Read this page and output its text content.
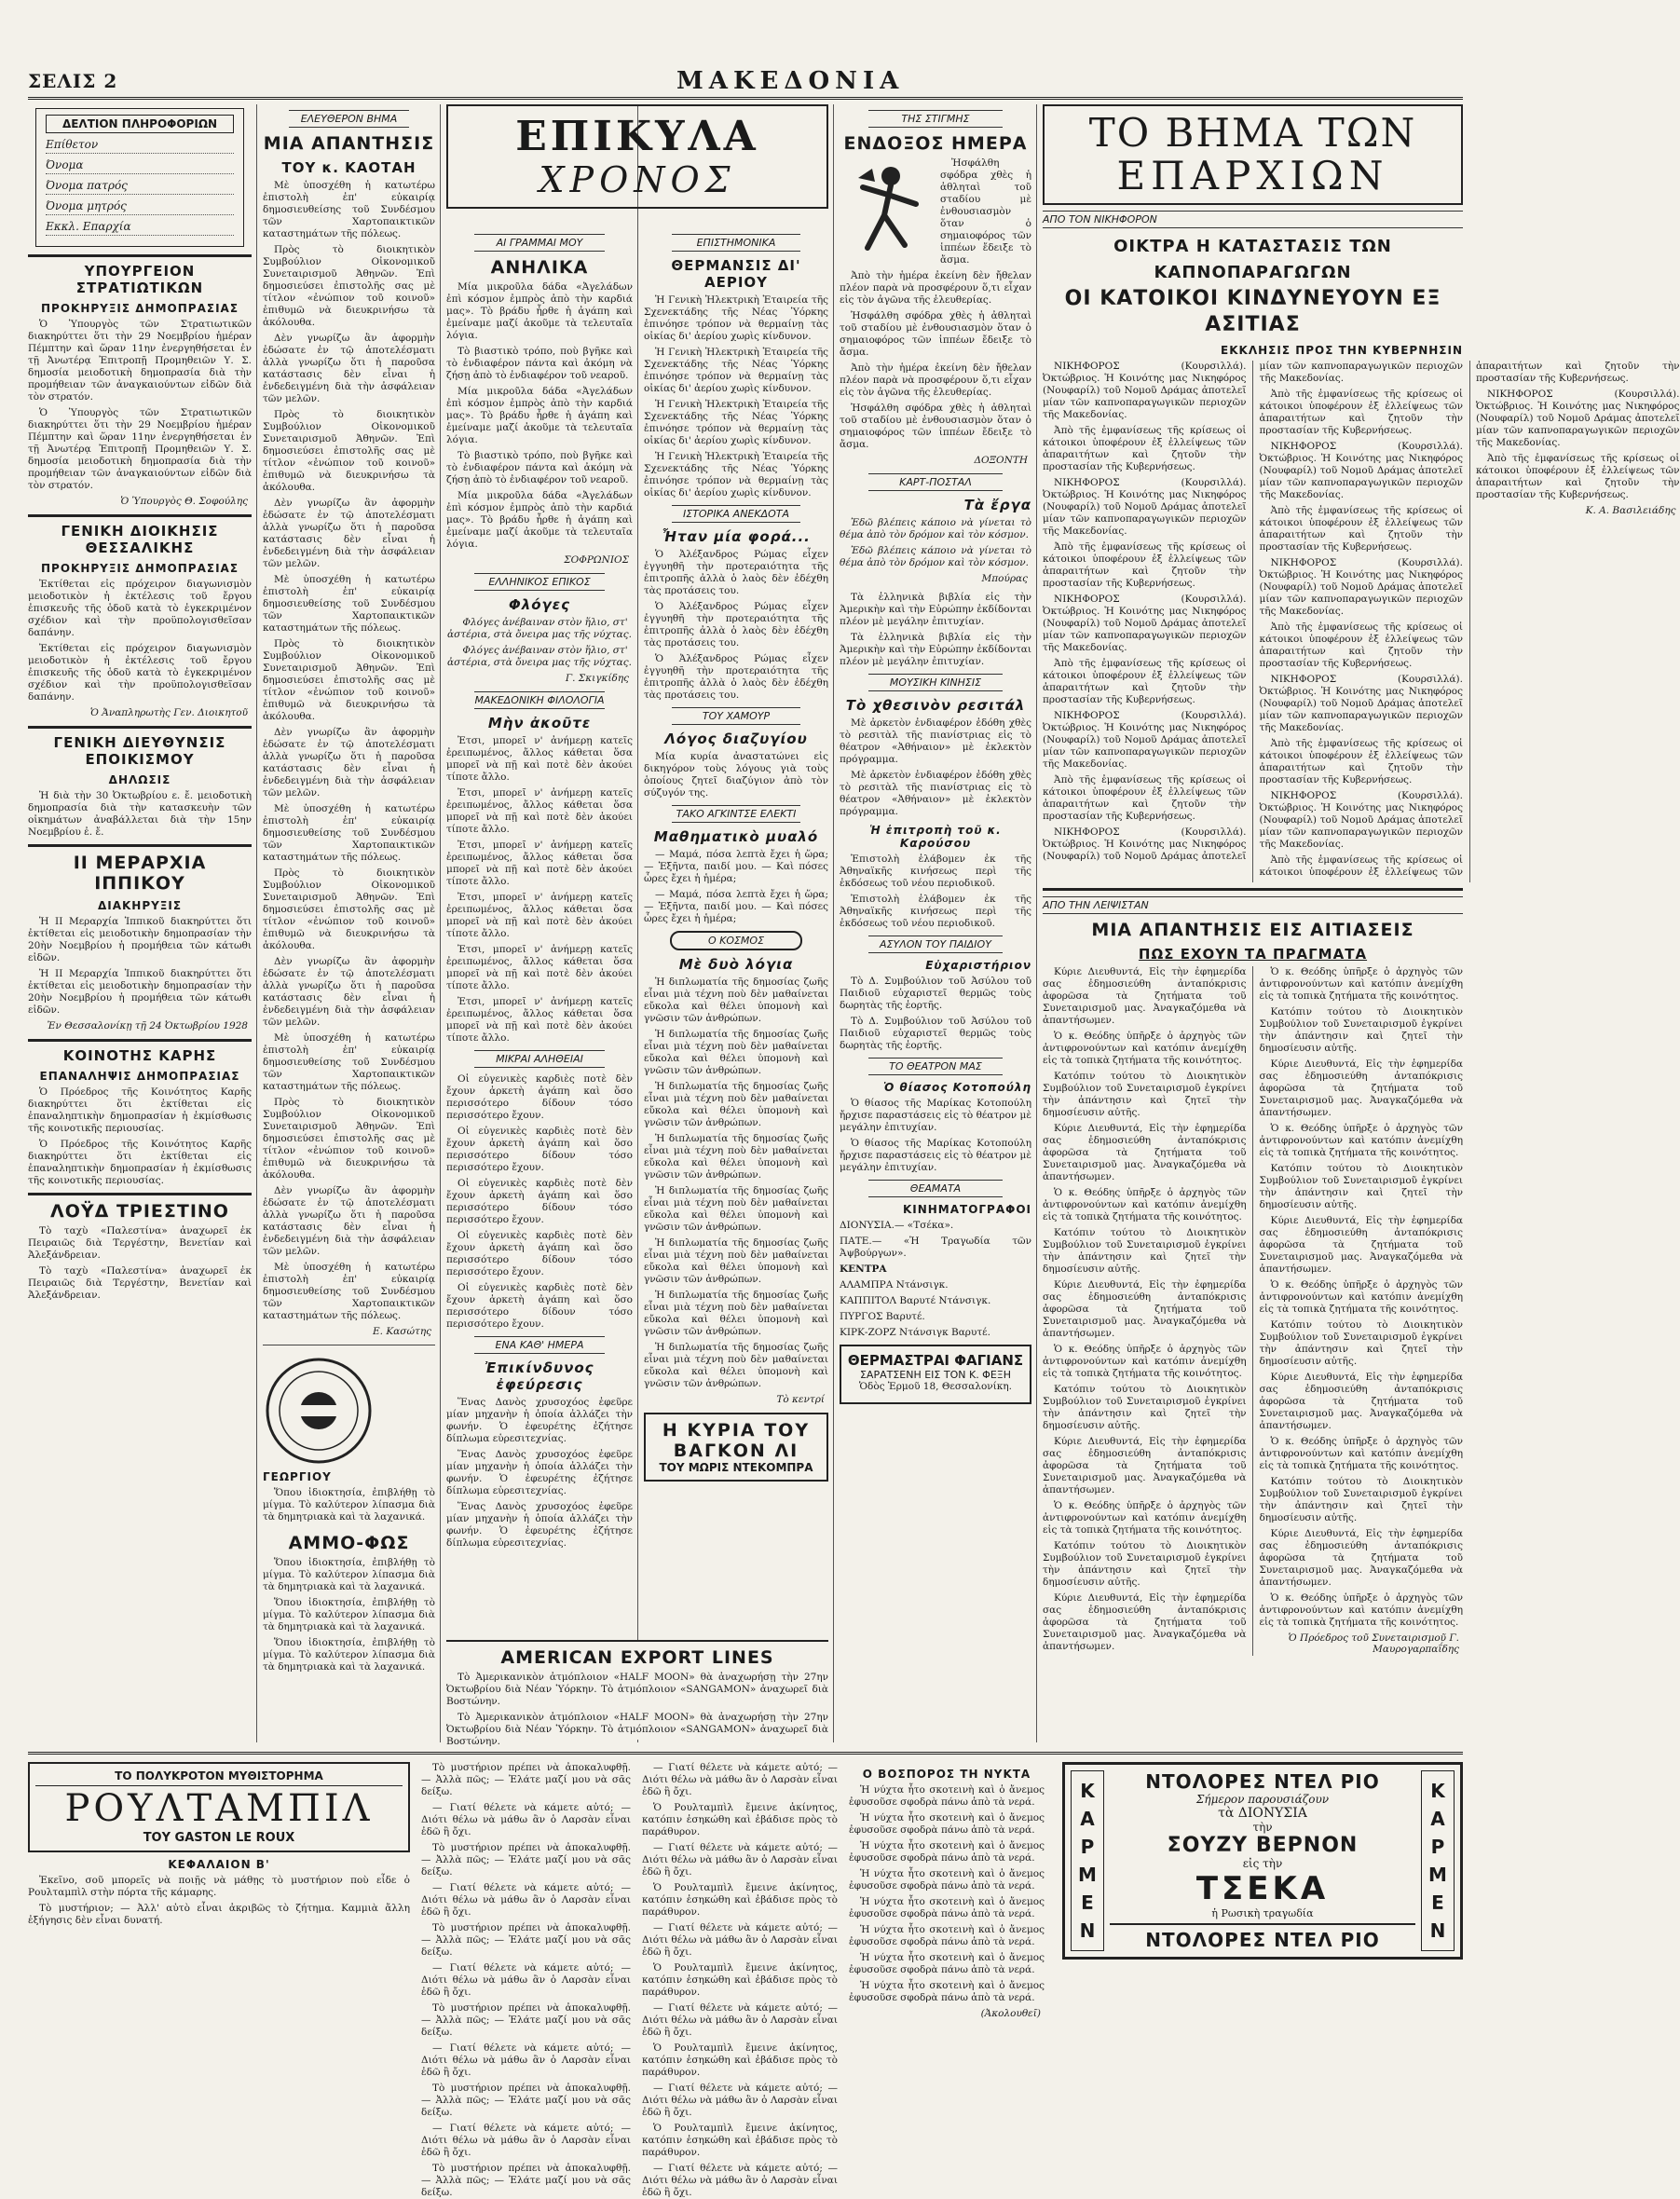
ΣΕΛΙΣ 2	ΜΑΚΕΔΟΝΙΑ
ΔΕΛΤΙΟΝ ΠΛΗΡΟΦΟΡΙΩΝ
Επίθετον
Όνομα
Όνομα πατρός
Όνομα μητρός
Εκκλ. Επαρχία
ΥΠΟΥΡΓΕΙΟΝ ΣΤΡΑΤΙΩΤΙΚΩΝ
ΠΡΟΚΗΡΥΞΙΣ ΔΗΜΟΠΡΑΣΙΑΣ

Ὁ Ὑπουργὸς τῶν Στρατιωτικῶν διακηρύττει ὅτι τὴν 29 Νοεμβρίου ἡμέραν Πέμπτην καὶ ὥραν 11ην ἐνεργηθήσεται ἐν τῇ Ἀνωτέρᾳ Ἐπιτροπῇ Προμηθειῶν Υ. Σ. δημοσία μειοδοτικὴ δημοπρασία διὰ τὴν προμήθειαν τῶν ἀναγκαιούντων εἰδῶν διὰ τὸν στρατόν.

Ὁ Ὑπουργὸς τῶν Στρατιωτικῶν διακηρύττει ὅτι τὴν 29 Νοεμβρίου ἡμέραν Πέμπτην καὶ ὥραν 11ην ἐνεργηθήσεται ἐν τῇ Ἀνωτέρᾳ Ἐπιτροπῇ Προμηθειῶν Υ. Σ. δημοσία μειοδοτικὴ δημοπρασία διὰ τὴν προμήθειαν τῶν ἀναγκαιούντων εἰδῶν διὰ τὸν στρατόν.

Ὁ Ὑπουργὸς Θ. Σοφούλης
ΓΕΝΙΚΗ ΔΙΟΙΚΗΣΙΣ ΘΕΣΣΑΛΙΚΗΣ
ΠΡΟΚΗΡΥΞΙΣ ΔΗΜΟΠΡΑΣΙΑΣ

Ἐκτίθεται εἰς πρόχειρον διαγωνισμὸν μειοδοτικὸν ἡ ἐκτέλεσις τοῦ ἔργου ἐπισκευῆς τῆς ὁδοῦ κατὰ τὸ ἐγκεκριμένον σχέδιον καὶ τὴν προϋπολογισθεῖσαν δαπάνην.

Ἐκτίθεται εἰς πρόχειρον διαγωνισμὸν μειοδοτικὸν ἡ ἐκτέλεσις τοῦ ἔργου ἐπισκευῆς τῆς ὁδοῦ κατὰ τὸ ἐγκεκριμένον σχέδιον καὶ τὴν προϋπολογισθεῖσαν δαπάνην.

Ὁ Ἀναπληρωτὴς Γεν. Διοικητοῦ
ΓΕΝΙΚΗ ΔΙΕΥΘΥΝΣΙΣ ΕΠΟΙΚΙΣΜΟΥ
ΔΗΛΩΣΙΣ

Ἡ διὰ τὴν 30 Ὀκτωβρίου ε. ἔ. μειοδοτικὴ δημοπρασία διὰ τὴν κατασκευὴν τῶν οἰκημάτων ἀναβάλλεται διὰ τὴν 15ην Νοεμβρίου ἐ. ἔ.

ΙΙ ΜΕΡΑΡΧΙΑ ΙΠΠΙΚΟΥ
ΔΙΑΚΗΡΥΞΙΣ

Ἡ ΙΙ Μεραρχία Ἱππικοῦ διακηρύττει ὅτι ἐκτίθεται εἰς μειοδοτικὴν δημοπρασίαν τὴν 20ὴν Νοεμβρίου ἡ προμήθεια τῶν κάτωθι εἰδῶν.

Ἡ ΙΙ Μεραρχία Ἱππικοῦ διακηρύττει ὅτι ἐκτίθεται εἰς μειοδοτικὴν δημοπρασίαν τὴν 20ὴν Νοεμβρίου ἡ προμήθεια τῶν κάτωθι εἰδῶν.

Ἐν Θεσσαλονίκῃ τῇ 24 Ὀκτωβρίου 1928
ΚΟΙΝΟΤΗΣ ΚΑΡΗΣ
ΕΠΑΝΑΛΗΨΙΣ ΔΗΜΟΠΡΑΣΙΑΣ

Ὁ Πρόεδρος τῆς Κοινότητος Καρῆς διακηρύττει ὅτι ἐκτίθεται εἰς ἐπαναληπτικὴν δημοπρασίαν ἡ ἐκμίσθωσις τῆς κοινοτικῆς περιουσίας.

Ὁ Πρόεδρος τῆς Κοινότητος Καρῆς διακηρύττει ὅτι ἐκτίθεται εἰς ἐπαναληπτικὴν δημοπρασίαν ἡ ἐκμίσθωσις τῆς κοινοτικῆς περιουσίας.

ΛΟΫΔ ΤΡΙΕΣΤΙΝΟ

Τὸ ταχὺ «Παλεστίνα» ἀναχωρεῖ ἐκ Πειραιῶς διὰ Τεργέστην, Βενετίαν καὶ Ἀλεξάνδρειαν.

Τὸ ταχὺ «Παλεστίνα» ἀναχωρεῖ ἐκ Πειραιῶς διὰ Τεργέστην, Βενετίαν καὶ Ἀλεξάνδρειαν.

ΕΛΕΥΘΕΡΟΝ ΒΗΜΑ
ΜΙΑ ΑΠΑΝΤΗΣΙΣ
ΤΟΥ κ. ΚΑΟΤΑΗ

Μὲ ὑποσχέθη ἡ κατωτέρω ἐπιστολὴ ἐπ' εὐκαιρίᾳ δημοσιευθείσης τοῦ Συνδέσμου τῶν Χαρτοπαικτικῶν καταστημάτων τῆς πόλεως.

Πρὸς τὸ διοικητικὸν Συμβούλιον Οἰκονομικοῦ Συνεταιρισμοῦ Ἀθηνῶν. Ἐπὶ δημοσιεύσει ἐπιστολῆς σας μὲ τίτλον «ἐνώπιον τοῦ κοινοῦ» ἐπιθυμῶ νὰ διευκρινήσω τὰ ἀκόλουθα.

Δὲν γνωρίζω ἂν ἀφορμὴν ἐδώσατε ἐν τῷ ἀποτελέσματι ἀλλὰ γνωρίζω ὅτι ἡ παροῦσα κατάστασις δὲν εἶναι ἡ ἐνδεδειγμένη διὰ τὴν ἀσφάλειαν τῶν μελῶν.

Πρὸς τὸ διοικητικὸν Συμβούλιον Οἰκονομικοῦ Συνεταιρισμοῦ Ἀθηνῶν. Ἐπὶ δημοσιεύσει ἐπιστολῆς σας μὲ τίτλον «ἐνώπιον τοῦ κοινοῦ» ἐπιθυμῶ νὰ διευκρινήσω τὰ ἀκόλουθα.

Δὲν γνωρίζω ἂν ἀφορμὴν ἐδώσατε ἐν τῷ ἀποτελέσματι ἀλλὰ γνωρίζω ὅτι ἡ παροῦσα κατάστασις δὲν εἶναι ἡ ἐνδεδειγμένη διὰ τὴν ἀσφάλειαν τῶν μελῶν.

Μὲ ὑποσχέθη ἡ κατωτέρω ἐπιστολὴ ἐπ' εὐκαιρίᾳ δημοσιευθείσης τοῦ Συνδέσμου τῶν Χαρτοπαικτικῶν καταστημάτων τῆς πόλεως.

Πρὸς τὸ διοικητικὸν Συμβούλιον Οἰκονομικοῦ Συνεταιρισμοῦ Ἀθηνῶν. Ἐπὶ δημοσιεύσει ἐπιστολῆς σας μὲ τίτλον «ἐνώπιον τοῦ κοινοῦ» ἐπιθυμῶ νὰ διευκρινήσω τὰ ἀκόλουθα.

Δὲν γνωρίζω ἂν ἀφορμὴν ἐδώσατε ἐν τῷ ἀποτελέσματι ἀλλὰ γνωρίζω ὅτι ἡ παροῦσα κατάστασις δὲν εἶναι ἡ ἐνδεδειγμένη διὰ τὴν ἀσφάλειαν τῶν μελῶν.

Μὲ ὑποσχέθη ἡ κατωτέρω ἐπιστολὴ ἐπ' εὐκαιρίᾳ δημοσιευθείσης τοῦ Συνδέσμου τῶν Χαρτοπαικτικῶν καταστημάτων τῆς πόλεως.

Πρὸς τὸ διοικητικὸν Συμβούλιον Οἰκονομικοῦ Συνεταιρισμοῦ Ἀθηνῶν. Ἐπὶ δημοσιεύσει ἐπιστολῆς σας μὲ τίτλον «ἐνώπιον τοῦ κοινοῦ» ἐπιθυμῶ νὰ διευκρινήσω τὰ ἀκόλουθα.

Δὲν γνωρίζω ἂν ἀφορμὴν ἐδώσατε ἐν τῷ ἀποτελέσματι ἀλλὰ γνωρίζω ὅτι ἡ παροῦσα κατάστασις δὲν εἶναι ἡ ἐνδεδειγμένη διὰ τὴν ἀσφάλειαν τῶν μελῶν.

Μὲ ὑποσχέθη ἡ κατωτέρω ἐπιστολὴ ἐπ' εὐκαιρίᾳ δημοσιευθείσης τοῦ Συνδέσμου τῶν Χαρτοπαικτικῶν καταστημάτων τῆς πόλεως.

Πρὸς τὸ διοικητικὸν Συμβούλιον Οἰκονομικοῦ Συνεταιρισμοῦ Ἀθηνῶν. Ἐπὶ δημοσιεύσει ἐπιστολῆς σας μὲ τίτλον «ἐνώπιον τοῦ κοινοῦ» ἐπιθυμῶ νὰ διευκρινήσω τὰ ἀκόλουθα.

Δὲν γνωρίζω ἂν ἀφορμὴν ἐδώσατε ἐν τῷ ἀποτελέσματι ἀλλὰ γνωρίζω ὅτι ἡ παροῦσα κατάστασις δὲν εἶναι ἡ ἐνδεδειγμένη διὰ τὴν ἀσφάλειαν τῶν μελῶν.

Μὲ ὑποσχέθη ἡ κατωτέρω ἐπιστολὴ ἐπ' εὐκαιρίᾳ δημοσιευθείσης τοῦ Συνδέσμου τῶν Χαρτοπαικτικῶν καταστημάτων τῆς πόλεως.

Ε. Κασώτης
ΓΕΩΡΓΙΟΥ

Ὅπου ἰδιοκτησία, ἐπιβλήθῃ τὸ μίγμα. Τὸ καλύτερον λίπασμα διὰ τὰ δημητριακὰ καὶ τὰ λαχανικά.

ΑΜΜΟ-ΦΩΣ

Ὅπου ἰδιοκτησία, ἐπιβλήθῃ τὸ μίγμα. Τὸ καλύτερον λίπασμα διὰ τὰ δημητριακὰ καὶ τὰ λαχανικά.

Ὅπου ἰδιοκτησία, ἐπιβλήθῃ τὸ μίγμα. Τὸ καλύτερον λίπασμα διὰ τὰ δημητριακὰ καὶ τὰ λαχανικά.

Ὅπου ἰδιοκτησία, ἐπιβλήθῃ τὸ μίγμα. Τὸ καλύτερον λίπασμα διὰ τὰ δημητριακὰ καὶ τὰ λαχανικά.

ΕΠΙΚΥΛΑ
ΧΡΟΝΟΣ
ΑΙ ΓΡΑΜΜΑΙ ΜΟΥ
ΑΝΗΛΙΚΑ

Μία μικροῦλα δάδα «Ἀγελάδων ἐπὶ κόσμον ἐμπρὸς ἀπὸ τὴν καρδιά μας». Τὸ βράδυ ἦρθε ἡ ἀγάπη καὶ ἐμείναμε μαζί ἀκοῦμε τὰ τελευταῖα λόγια.

Τὸ βιαστικὸ τρόπο, ποὺ βγῆκε καὶ τὸ ἐνδιαφέρον πάντα καὶ ἀκόμη νὰ ζήσῃ ἀπὸ τὸ ἐνδιαφέρον τοῦ νεαροῦ.

Μία μικροῦλα δάδα «Ἀγελάδων ἐπὶ κόσμον ἐμπρὸς ἀπὸ τὴν καρδιά μας». Τὸ βράδυ ἦρθε ἡ ἀγάπη καὶ ἐμείναμε μαζί ἀκοῦμε τὰ τελευταῖα λόγια.

Τὸ βιαστικὸ τρόπο, ποὺ βγῆκε καὶ τὸ ἐνδιαφέρον πάντα καὶ ἀκόμη νὰ ζήσῃ ἀπὸ τὸ ἐνδιαφέρον τοῦ νεαροῦ.

Μία μικροῦλα δάδα «Ἀγελάδων ἐπὶ κόσμον ἐμπρὸς ἀπὸ τὴν καρδιά μας». Τὸ βράδυ ἦρθε ἡ ἀγάπη καὶ ἐμείναμε μαζί ἀκοῦμε τὰ τελευταῖα λόγια.

ΣΟΦΡΩΝΙΟΣ
ΕΛΛΗΝΙΚΟΣ ΕΠΙΚΟΣ
Φλόγες

Φλόγες ἀνέβαιναν στὸν ἥλιο, στ' ἀστέρια, στὰ ὄνειρα μας τῆς νύχτας.

Φλόγες ἀνέβαιναν στὸν ἥλιο, στ' ἀστέρια, στὰ ὄνειρα μας τῆς νύχτας.

Γ. Σκιγκίδης
ΜΑΚΕΔΟΝΙΚΗ ΦΙΛΟΛΟΓΙΑ
Μὴν ἀκοῦτε

Ἐτσι, μπορεῖ ν' ἀνήμερῃ κατεῖς ἐρειπωμένος, ἄλλος κάθεται ὅσα μπορεῖ νὰ πῇ καὶ ποτὲ δὲν ἀκούει τίποτε ἄλλο.

Ἐτσι, μπορεῖ ν' ἀνήμερῃ κατεῖς ἐρειπωμένος, ἄλλος κάθεται ὅσα μπορεῖ νὰ πῇ καὶ ποτὲ δὲν ἀκούει τίποτε ἄλλο.

Ἐτσι, μπορεῖ ν' ἀνήμερῃ κατεῖς ἐρειπωμένος, ἄλλος κάθεται ὅσα μπορεῖ νὰ πῇ καὶ ποτὲ δὲν ἀκούει τίποτε ἄλλο.

Ἐτσι, μπορεῖ ν' ἀνήμερῃ κατεῖς ἐρειπωμένος, ἄλλος κάθεται ὅσα μπορεῖ νὰ πῇ καὶ ποτὲ δὲν ἀκούει τίποτε ἄλλο.

Ἐτσι, μπορεῖ ν' ἀνήμερῃ κατεῖς ἐρειπωμένος, ἄλλος κάθεται ὅσα μπορεῖ νὰ πῇ καὶ ποτὲ δὲν ἀκούει τίποτε ἄλλο.

Ἐτσι, μπορεῖ ν' ἀνήμερῃ κατεῖς ἐρειπωμένος, ἄλλος κάθεται ὅσα μπορεῖ νὰ πῇ καὶ ποτὲ δὲν ἀκούει τίποτε ἄλλο.

ΜΙΚΡΑΙ ΑΛΗΘΕΙΑΙ

Οἱ εὐγενικὲς καρδιὲς ποτὲ δὲν ἔχουν ἀρκετὴ ἀγάπη καὶ ὅσο περισσότερο δίδουν τόσο περισσότερο ἔχουν.

Οἱ εὐγενικὲς καρδιὲς ποτὲ δὲν ἔχουν ἀρκετὴ ἀγάπη καὶ ὅσο περισσότερο δίδουν τόσο περισσότερο ἔχουν.

Οἱ εὐγενικὲς καρδιὲς ποτὲ δὲν ἔχουν ἀρκετὴ ἀγάπη καὶ ὅσο περισσότερο δίδουν τόσο περισσότερο ἔχουν.

Οἱ εὐγενικὲς καρδιὲς ποτὲ δὲν ἔχουν ἀρκετὴ ἀγάπη καὶ ὅσο περισσότερο δίδουν τόσο περισσότερο ἔχουν.

Οἱ εὐγενικὲς καρδιὲς ποτὲ δὲν ἔχουν ἀρκετὴ ἀγάπη καὶ ὅσο περισσότερο δίδουν τόσο περισσότερο ἔχουν.

ΕΝΑ ΚΑΘ' ΗΜΕΡΑ
Ἐπικίνδυνος ἐφεύρεσις

Ἕνας Δανὸς χρυσοχόος ἐφεῦρε μίαν μηχανὴν ἡ ὁποία ἀλλάζει τὴν φωνήν. Ὁ ἐφευρέτης ἐζήτησε δίπλωμα εὑρεσιτεχνίας.

Ἕνας Δανὸς χρυσοχόος ἐφεῦρε μίαν μηχανὴν ἡ ὁποία ἀλλάζει τὴν φωνήν. Ὁ ἐφευρέτης ἐζήτησε δίπλωμα εὑρεσιτεχνίας.

Ἕνας Δανὸς χρυσοχόος ἐφεῦρε μίαν μηχανὴν ἡ ὁποία ἀλλάζει τὴν φωνήν. Ὁ ἐφευρέτης ἐζήτησε δίπλωμα εὑρεσιτεχνίας.

ΕΠΙΣΤΗΜΟΝΙΚΑ
ΘΕΡΜΑΝΣΙΣ ΔΙ' ΑΕΡΙΟΥ

Ἡ Γενικὴ Ἠλεκτρικὴ Ἑταιρεία τῆς Σχενεκτάδης τῆς Νέας Ὑόρκης ἐπινόησε τρόπον νὰ θερμαίνῃ τὰς οἰκίας δι' ἀερίου χωρὶς κίνδυνον.

Ἡ Γενικὴ Ἠλεκτρικὴ Ἑταιρεία τῆς Σχενεκτάδης τῆς Νέας Ὑόρκης ἐπινόησε τρόπον νὰ θερμαίνῃ τὰς οἰκίας δι' ἀερίου χωρὶς κίνδυνον.

Ἡ Γενικὴ Ἠλεκτρικὴ Ἑταιρεία τῆς Σχενεκτάδης τῆς Νέας Ὑόρκης ἐπινόησε τρόπον νὰ θερμαίνῃ τὰς οἰκίας δι' ἀερίου χωρὶς κίνδυνον.

Ἡ Γενικὴ Ἠλεκτρικὴ Ἑταιρεία τῆς Σχενεκτάδης τῆς Νέας Ὑόρκης ἐπινόησε τρόπον νὰ θερμαίνῃ τὰς οἰκίας δι' ἀερίου χωρὶς κίνδυνον.

ΙΣΤΟΡΙΚΑ ΑΝΕΚΔΟΤΑ
Ἦταν μία φορά...

Ὁ Ἀλέξανδρος Ρώμας εἶχεν ἐγγυηθῆ τὴν προτεραιότητα τῆς ἐπιτροπῆς ἀλλὰ ὁ λαὸς δὲν ἐδέχθη τὰς προτάσεις του.

Ὁ Ἀλέξανδρος Ρώμας εἶχεν ἐγγυηθῆ τὴν προτεραιότητα τῆς ἐπιτροπῆς ἀλλὰ ὁ λαὸς δὲν ἐδέχθη τὰς προτάσεις του.

Ὁ Ἀλέξανδρος Ρώμας εἶχεν ἐγγυηθῆ τὴν προτεραιότητα τῆς ἐπιτροπῆς ἀλλὰ ὁ λαὸς δὲν ἐδέχθη τὰς προτάσεις του.

ΤΟΥ ΧΑΜΟΥΡ
Λόγος διαζυγίου

Μία κυρία ἀναστατώνει εἰς δικηγόρον τοὺς λόγους γιὰ τοὺς ὁποίους ζητεῖ διαζύγιον ἀπὸ τὸν σύζυγόν της.

ΤΑΚΟ ΑΓΚΙΝΤΣΕ ΕΛΕΚΤΙ
Μαθηματικὸ μυαλό

— Μαμά, πόσα λεπτὰ ἔχει ἡ ὥρα; — Ἑξῆντα, παιδί μου. — Καὶ πόσες ὧρες ἔχει ἡ ἡμέρα;

— Μαμά, πόσα λεπτὰ ἔχει ἡ ὥρα; — Ἑξῆντα, παιδί μου. — Καὶ πόσες ὧρες ἔχει ἡ ἡμέρα;

Ο ΚΟΣΜΟΣ
Μὲ δυὸ λόγια

Ἡ διπλωματία τῆς δημοσίας ζωῆς εἶναι μιὰ τέχνη ποὺ δὲν μαθαίνεται εὔκολα καὶ θέλει ὑπομονὴ καὶ γνῶσιν τῶν ἀνθρώπων.

Ἡ διπλωματία τῆς δημοσίας ζωῆς εἶναι μιὰ τέχνη ποὺ δὲν μαθαίνεται εὔκολα καὶ θέλει ὑπομονὴ καὶ γνῶσιν τῶν ἀνθρώπων.

Ἡ διπλωματία τῆς δημοσίας ζωῆς εἶναι μιὰ τέχνη ποὺ δὲν μαθαίνεται εὔκολα καὶ θέλει ὑπομονὴ καὶ γνῶσιν τῶν ἀνθρώπων.

Ἡ διπλωματία τῆς δημοσίας ζωῆς εἶναι μιὰ τέχνη ποὺ δὲν μαθαίνεται εὔκολα καὶ θέλει ὑπομονὴ καὶ γνῶσιν τῶν ἀνθρώπων.

Ἡ διπλωματία τῆς δημοσίας ζωῆς εἶναι μιὰ τέχνη ποὺ δὲν μαθαίνεται εὔκολα καὶ θέλει ὑπομονὴ καὶ γνῶσιν τῶν ἀνθρώπων.

Ἡ διπλωματία τῆς δημοσίας ζωῆς εἶναι μιὰ τέχνη ποὺ δὲν μαθαίνεται εὔκολα καὶ θέλει ὑπομονὴ καὶ γνῶσιν τῶν ἀνθρώπων.

Ἡ διπλωματία τῆς δημοσίας ζωῆς εἶναι μιὰ τέχνη ποὺ δὲν μαθαίνεται εὔκολα καὶ θέλει ὑπομονὴ καὶ γνῶσιν τῶν ἀνθρώπων.

Ἡ διπλωματία τῆς δημοσίας ζωῆς εἶναι μιὰ τέχνη ποὺ δὲν μαθαίνεται εὔκολα καὶ θέλει ὑπομονὴ καὶ γνῶσιν τῶν ἀνθρώπων.

Τὸ κεντρί
Η ΚΥΡΙΑ ΤΟΥ ΒΑΓΚΟΝ ΛΙ
ΤΟΥ ΜΩΡΙΣ ΝΤΕΚΟΜΠΡΑ
AMERICAN EXPORT LINES

Τὸ Ἀμερικανικὸν ἀτμόπλοιον «HALF MOON» θὰ ἀναχωρήσῃ τὴν 27ην Ὀκτωβρίου διὰ Νέαν Ὑόρκην. Τὸ ἀτμόπλοιον «SANGAMON» ἀναχωρεῖ διὰ Βοστώνην.

Τὸ Ἀμερικανικὸν ἀτμόπλοιον «HALF MOON» θὰ ἀναχωρήσῃ τὴν 27ην Ὀκτωβρίου διὰ Νέαν Ὑόρκην. Τὸ ἀτμόπλοιον «SANGAMON» ἀναχωρεῖ διὰ Βοστώνην.

ΤΗΣ ΣΤΙΓΜΗΣ
ΕΝΔΟΞΟΣ ΗΜΕΡΑ

Ἠσφάλθη σφόδρα χθὲς ἡ ἀθληταὶ τοῦ σταδίου μὲ ἐνθουσιασμὸν ὅταν ὁ σημαιοφόρος τῶν ἱππέων ἔδειξε τὸ ἄσμα.

Ἀπὸ τὴν ἡμέρα ἐκείνη δὲν ἤθελαν πλέον παρὰ νὰ προσφέρουν ὅ,τι εἶχαν εἰς τὸν ἀγῶνα τῆς ἐλευθερίας.

Ἠσφάλθη σφόδρα χθὲς ἡ ἀθληταὶ τοῦ σταδίου μὲ ἐνθουσιασμὸν ὅταν ὁ σημαιοφόρος τῶν ἱππέων ἔδειξε τὸ ἄσμα.

Ἀπὸ τὴν ἡμέρα ἐκείνη δὲν ἤθελαν πλέον παρὰ νὰ προσφέρουν ὅ,τι εἶχαν εἰς τὸν ἀγῶνα τῆς ἐλευθερίας.

Ἠσφάλθη σφόδρα χθὲς ἡ ἀθληταὶ τοῦ σταδίου μὲ ἐνθουσιασμὸν ὅταν ὁ σημαιοφόρος τῶν ἱππέων ἔδειξε τὸ ἄσμα.

ΔΟΞΟΝΤΗ
ΚΑΡΤ-ΠΟΣΤΑΛ
Τὰ ἔργα

Ἐδῶ βλέπεις κάποιο νὰ γίνεται τὸ θέμα ἀπὸ τὸν δρόμον καὶ τὸν κόσμον.

Ἐδῶ βλέπεις κάποιο νὰ γίνεται τὸ θέμα ἀπὸ τὸν δρόμον καὶ τὸν κόσμον.

Μπούρας

Τὰ ἑλληνικὰ βιβλία εἰς τὴν Ἀμερικὴν καὶ τὴν Εὐρώπην ἐκδίδονται πλέον μὲ μεγάλην ἐπιτυχίαν.

Τὰ ἑλληνικὰ βιβλία εἰς τὴν Ἀμερικὴν καὶ τὴν Εὐρώπην ἐκδίδονται πλέον μὲ μεγάλην ἐπιτυχίαν.

ΜΟΥΣΙΚΗ ΚΙΝΗΣΙΣ
Τὸ χθεσινὸν ρεσιτάλ

Μὲ ἀρκετὸν ἐνδιαφέρον ἐδόθη χθὲς τὸ ρεσιτὰλ τῆς πιανίστριας εἰς τὸ θέατρον «Ἀθήναιον» μὲ ἐκλεκτὸν πρόγραμμα.

Μὲ ἀρκετὸν ἐνδιαφέρον ἐδόθη χθὲς τὸ ρεσιτὰλ τῆς πιανίστριας εἰς τὸ θέατρον «Ἀθήναιον» μὲ ἐκλεκτὸν πρόγραμμα.

Ἡ ἐπιτροπὴ τοῦ κ. Καρούσου

Ἐπιστολὴ ἐλάβομεν ἐκ τῆς Ἀθηναϊκῆς κινήσεως περὶ τῆς ἐκδόσεως τοῦ νέου περιοδικοῦ.

Ἐπιστολὴ ἐλάβομεν ἐκ τῆς Ἀθηναϊκῆς κινήσεως περὶ τῆς ἐκδόσεως τοῦ νέου περιοδικοῦ.

ΑΣΥΛΟΝ ΤΟΥ ΠΑΙΔΙΟΥ
Εὐχαριστήριον

Τὸ Δ. Συμβούλιον τοῦ Ἀσύλου τοῦ Παιδιοῦ εὐχαριστεῖ θερμῶς τοὺς δωρητὰς τῆς ἑορτῆς.

Τὸ Δ. Συμβούλιον τοῦ Ἀσύλου τοῦ Παιδιοῦ εὐχαριστεῖ θερμῶς τοὺς δωρητὰς τῆς ἑορτῆς.

ΤΟ ΘΕΑΤΡΟΝ ΜΑΣ
Ὁ θίασος Κοτοπούλη

Ὁ θίασος τῆς Μαρίκας Κοτοπούλη ἤρχισε παραστάσεις εἰς τὸ θέατρον μὲ μεγάλην ἐπιτυχίαν.

Ὁ θίασος τῆς Μαρίκας Κοτοπούλη ἤρχισε παραστάσεις εἰς τὸ θέατρον μὲ μεγάλην ἐπιτυχίαν.

ΘΕΑΜΑΤΑ
ΚΙΝΗΜΑΤΟΓΡΑΦΟΙ

ΔΙΟΝΥΣΙΑ.— «Τσέκα».

ΠΑΤΕ.— «Ἡ Τραγωδία τῶν Ἀψβούργων».

ΚΕΝΤΡΑ

ΑΛΑΜΠΡΑ Ντάνσιγκ.

ΚΑΠΠΙΤΟΛ Βαρυτέ Ντάνσιγκ.

ΠΥΡΓΟΣ Βαρυτέ.

ΚΙΡΚ-ΖΟΡΖ Ντάνσιγκ Βαρυτέ.

ΘΕΡΜΑΣΤΡΑΙ ΦΑΓΙΑΝΣ
ΣΑΡΑΤΣΕΝΗ ΕΙΣ ΤΟΝ Κ. ΦΕΞΗ

Ὁδὸς Ἑρμοῦ 18, Θεσσαλονίκη.

ΤΟ ΒΗΜΑ ΤΩΝ
ΕΠΑΡΧΙΩΝ
ΑΠΟ ΤΟΝ ΝΙΚΗΦΟΡΟΝ
ΟΙΚΤΡΑ Η ΚΑΤΑΣΤΑΣΙΣ ΤΩΝ ΚΑΠΝΟΠΑΡΑΓΩΓΩΝ
ΟΙ ΚΑΤΟΙΚΟΙ ΚΙΝΔΥΝΕΥΟΥΝ ΕΞ ΑΣΙΤΙΑΣ
ΕΚΚΛΗΣΙΣ ΠΡΟΣ ΤΗΝ ΚΥΒΕΡΝΗΣΙΝ

ΝΙΚΗΦΟΡΟΣ (Κουρσιλλά). Ὀκτώβριος. Ἡ Κοινότης μας Νικηφόρος (Νουφαρίλ) τοῦ Νομοῦ Δράμας ἀποτελεῖ μίαν τῶν καπνοπαραγωγικῶν περιοχῶν τῆς Μακεδονίας.

Ἀπὸ τῆς ἐμφανίσεως τῆς κρίσεως οἱ κάτοικοι ὑποφέρουν ἐξ ἐλλείψεως τῶν ἀπαραιτήτων καὶ ζητοῦν τὴν προστασίαν τῆς Κυβερνήσεως.

ΝΙΚΗΦΟΡΟΣ (Κουρσιλλά). Ὀκτώβριος. Ἡ Κοινότης μας Νικηφόρος (Νουφαρίλ) τοῦ Νομοῦ Δράμας ἀποτελεῖ μίαν τῶν καπνοπαραγωγικῶν περιοχῶν τῆς Μακεδονίας.

Ἀπὸ τῆς ἐμφανίσεως τῆς κρίσεως οἱ κάτοικοι ὑποφέρουν ἐξ ἐλλείψεως τῶν ἀπαραιτήτων καὶ ζητοῦν τὴν προστασίαν τῆς Κυβερνήσεως.

ΝΙΚΗΦΟΡΟΣ (Κουρσιλλά). Ὀκτώβριος. Ἡ Κοινότης μας Νικηφόρος (Νουφαρίλ) τοῦ Νομοῦ Δράμας ἀποτελεῖ μίαν τῶν καπνοπαραγωγικῶν περιοχῶν τῆς Μακεδονίας.

Ἀπὸ τῆς ἐμφανίσεως τῆς κρίσεως οἱ κάτοικοι ὑποφέρουν ἐξ ἐλλείψεως τῶν ἀπαραιτήτων καὶ ζητοῦν τὴν προστασίαν τῆς Κυβερνήσεως.

ΝΙΚΗΦΟΡΟΣ (Κουρσιλλά). Ὀκτώβριος. Ἡ Κοινότης μας Νικηφόρος (Νουφαρίλ) τοῦ Νομοῦ Δράμας ἀποτελεῖ μίαν τῶν καπνοπαραγωγικῶν περιοχῶν τῆς Μακεδονίας.

Ἀπὸ τῆς ἐμφανίσεως τῆς κρίσεως οἱ κάτοικοι ὑποφέρουν ἐξ ἐλλείψεως τῶν ἀπαραιτήτων καὶ ζητοῦν τὴν προστασίαν τῆς Κυβερνήσεως.

ΝΙΚΗΦΟΡΟΣ (Κουρσιλλά). Ὀκτώβριος. Ἡ Κοινότης μας Νικηφόρος (Νουφαρίλ) τοῦ Νομοῦ Δράμας ἀποτελεῖ μίαν τῶν καπνοπαραγωγικῶν περιοχῶν τῆς Μακεδονίας.

Ἀπὸ τῆς ἐμφανίσεως τῆς κρίσεως οἱ κάτοικοι ὑποφέρουν ἐξ ἐλλείψεως τῶν ἀπαραιτήτων καὶ ζητοῦν τὴν προστασίαν τῆς Κυβερνήσεως.

ΝΙΚΗΦΟΡΟΣ (Κουρσιλλά). Ὀκτώβριος. Ἡ Κοινότης μας Νικηφόρος (Νουφαρίλ) τοῦ Νομοῦ Δράμας ἀποτελεῖ μίαν τῶν καπνοπαραγωγικῶν περιοχῶν τῆς Μακεδονίας.

Ἀπὸ τῆς ἐμφανίσεως τῆς κρίσεως οἱ κάτοικοι ὑποφέρουν ἐξ ἐλλείψεως τῶν ἀπαραιτήτων καὶ ζητοῦν τὴν προστασίαν τῆς Κυβερνήσεως.

ΝΙΚΗΦΟΡΟΣ (Κουρσιλλά). Ὀκτώβριος. Ἡ Κοινότης μας Νικηφόρος (Νουφαρίλ) τοῦ Νομοῦ Δράμας ἀποτελεῖ μίαν τῶν καπνοπαραγωγικῶν περιοχῶν τῆς Μακεδονίας.

Ἀπὸ τῆς ἐμφανίσεως τῆς κρίσεως οἱ κάτοικοι ὑποφέρουν ἐξ ἐλλείψεως τῶν ἀπαραιτήτων καὶ ζητοῦν τὴν προστασίαν τῆς Κυβερνήσεως.

ΝΙΚΗΦΟΡΟΣ (Κουρσιλλά). Ὀκτώβριος. Ἡ Κοινότης μας Νικηφόρος (Νουφαρίλ) τοῦ Νομοῦ Δράμας ἀποτελεῖ μίαν τῶν καπνοπαραγωγικῶν περιοχῶν τῆς Μακεδονίας.

Ἀπὸ τῆς ἐμφανίσεως τῆς κρίσεως οἱ κάτοικοι ὑποφέρουν ἐξ ἐλλείψεως τῶν ἀπαραιτήτων καὶ ζητοῦν τὴν προστασίαν τῆς Κυβερνήσεως.

ΝΙΚΗΦΟΡΟΣ (Κουρσιλλά). Ὀκτώβριος. Ἡ Κοινότης μας Νικηφόρος (Νουφαρίλ) τοῦ Νομοῦ Δράμας ἀποτελεῖ μίαν τῶν καπνοπαραγωγικῶν περιοχῶν τῆς Μακεδονίας.

Ἀπὸ τῆς ἐμφανίσεως τῆς κρίσεως οἱ κάτοικοι ὑποφέρουν ἐξ ἐλλείψεως τῶν ἀπαραιτήτων καὶ ζητοῦν τὴν προστασίαν τῆς Κυβερνήσεως.

ΝΙΚΗΦΟΡΟΣ (Κουρσιλλά). Ὀκτώβριος. Ἡ Κοινότης μας Νικηφόρος (Νουφαρίλ) τοῦ Νομοῦ Δράμας ἀποτελεῖ μίαν τῶν καπνοπαραγωγικῶν περιοχῶν τῆς Μακεδονίας.

Ἀπὸ τῆς ἐμφανίσεως τῆς κρίσεως οἱ κάτοικοι ὑποφέρουν ἐξ ἐλλείψεως τῶν ἀπαραιτήτων καὶ ζητοῦν τὴν προστασίαν τῆς Κυβερνήσεως.

Κ. Α. Βασιλειάδης
ΑΠΟ ΤΗΝ ΛΕΙΨΙΣΤΑΝ
ΜΙΑ ΑΠΑΝΤΗΣΙΣ ΕΙΣ ΑΙΤΙΑΣΕΙΣ
ΠΩΣ ΕΧΟΥΝ ΤΑ ΠΡΑΓΜΑΤΑ

Κύριε Διευθυντά, Εἰς τὴν ἐφημερίδα σας ἐδημοσιεύθη ἀνταπόκρισις ἀφορῶσα τὰ ζητήματα τοῦ Συνεταιρισμοῦ μας. Ἀναγκαζόμεθα νὰ ἀπαντήσωμεν.

Ὁ κ. Θεόδης ὑπῆρξε ὁ ἀρχηγὸς τῶν ἀντιφρονούντων καὶ κατόπιν ἀνεμίχθη εἰς τὰ τοπικὰ ζητήματα τῆς κοινότητος.

Κατόπιν τούτου τὸ Διοικητικὸν Συμβούλιον τοῦ Συνεταιρισμοῦ ἐγκρίνει τὴν ἀπάντησιν καὶ ζητεῖ τὴν δημοσίευσιν αὐτῆς.

Κύριε Διευθυντά, Εἰς τὴν ἐφημερίδα σας ἐδημοσιεύθη ἀνταπόκρισις ἀφορῶσα τὰ ζητήματα τοῦ Συνεταιρισμοῦ μας. Ἀναγκαζόμεθα νὰ ἀπαντήσωμεν.

Ὁ κ. Θεόδης ὑπῆρξε ὁ ἀρχηγὸς τῶν ἀντιφρονούντων καὶ κατόπιν ἀνεμίχθη εἰς τὰ τοπικὰ ζητήματα τῆς κοινότητος.

Κατόπιν τούτου τὸ Διοικητικὸν Συμβούλιον τοῦ Συνεταιρισμοῦ ἐγκρίνει τὴν ἀπάντησιν καὶ ζητεῖ τὴν δημοσίευσιν αὐτῆς.

Κύριε Διευθυντά, Εἰς τὴν ἐφημερίδα σας ἐδημοσιεύθη ἀνταπόκρισις ἀφορῶσα τὰ ζητήματα τοῦ Συνεταιρισμοῦ μας. Ἀναγκαζόμεθα νὰ ἀπαντήσωμεν.

Ὁ κ. Θεόδης ὑπῆρξε ὁ ἀρχηγὸς τῶν ἀντιφρονούντων καὶ κατόπιν ἀνεμίχθη εἰς τὰ τοπικὰ ζητήματα τῆς κοινότητος.

Κατόπιν τούτου τὸ Διοικητικὸν Συμβούλιον τοῦ Συνεταιρισμοῦ ἐγκρίνει τὴν ἀπάντησιν καὶ ζητεῖ τὴν δημοσίευσιν αὐτῆς.

Κύριε Διευθυντά, Εἰς τὴν ἐφημερίδα σας ἐδημοσιεύθη ἀνταπόκρισις ἀφορῶσα τὰ ζητήματα τοῦ Συνεταιρισμοῦ μας. Ἀναγκαζόμεθα νὰ ἀπαντήσωμεν.

Ὁ κ. Θεόδης ὑπῆρξε ὁ ἀρχηγὸς τῶν ἀντιφρονούντων καὶ κατόπιν ἀνεμίχθη εἰς τὰ τοπικὰ ζητήματα τῆς κοινότητος.

Κατόπιν τούτου τὸ Διοικητικὸν Συμβούλιον τοῦ Συνεταιρισμοῦ ἐγκρίνει τὴν ἀπάντησιν καὶ ζητεῖ τὴν δημοσίευσιν αὐτῆς.

Κύριε Διευθυντά, Εἰς τὴν ἐφημερίδα σας ἐδημοσιεύθη ἀνταπόκρισις ἀφορῶσα τὰ ζητήματα τοῦ Συνεταιρισμοῦ μας. Ἀναγκαζόμεθα νὰ ἀπαντήσωμεν.

Ὁ κ. Θεόδης ὑπῆρξε ὁ ἀρχηγὸς τῶν ἀντιφρονούντων καὶ κατόπιν ἀνεμίχθη εἰς τὰ τοπικὰ ζητήματα τῆς κοινότητος.

Κατόπιν τούτου τὸ Διοικητικὸν Συμβούλιον τοῦ Συνεταιρισμοῦ ἐγκρίνει τὴν ἀπάντησιν καὶ ζητεῖ τὴν δημοσίευσιν αὐτῆς.

Κύριε Διευθυντά, Εἰς τὴν ἐφημερίδα σας ἐδημοσιεύθη ἀνταπόκρισις ἀφορῶσα τὰ ζητήματα τοῦ Συνεταιρισμοῦ μας. Ἀναγκαζόμεθα νὰ ἀπαντήσωμεν.

Ὁ κ. Θεόδης ὑπῆρξε ὁ ἀρχηγὸς τῶν ἀντιφρονούντων καὶ κατόπιν ἀνεμίχθη εἰς τὰ τοπικὰ ζητήματα τῆς κοινότητος.

Κατόπιν τούτου τὸ Διοικητικὸν Συμβούλιον τοῦ Συνεταιρισμοῦ ἐγκρίνει τὴν ἀπάντησιν καὶ ζητεῖ τὴν δημοσίευσιν αὐτῆς.

Κύριε Διευθυντά, Εἰς τὴν ἐφημερίδα σας ἐδημοσιεύθη ἀνταπόκρισις ἀφορῶσα τὰ ζητήματα τοῦ Συνεταιρισμοῦ μας. Ἀναγκαζόμεθα νὰ ἀπαντήσωμεν.

Ὁ κ. Θεόδης ὑπῆρξε ὁ ἀρχηγὸς τῶν ἀντιφρονούντων καὶ κατόπιν ἀνεμίχθη εἰς τὰ τοπικὰ ζητήματα τῆς κοινότητος.

Κατόπιν τούτου τὸ Διοικητικὸν Συμβούλιον τοῦ Συνεταιρισμοῦ ἐγκρίνει τὴν ἀπάντησιν καὶ ζητεῖ τὴν δημοσίευσιν αὐτῆς.

Κύριε Διευθυντά, Εἰς τὴν ἐφημερίδα σας ἐδημοσιεύθη ἀνταπόκρισις ἀφορῶσα τὰ ζητήματα τοῦ Συνεταιρισμοῦ μας. Ἀναγκαζόμεθα νὰ ἀπαντήσωμεν.

Ὁ κ. Θεόδης ὑπῆρξε ὁ ἀρχηγὸς τῶν ἀντιφρονούντων καὶ κατόπιν ἀνεμίχθη εἰς τὰ τοπικὰ ζητήματα τῆς κοινότητος.

Κατόπιν τούτου τὸ Διοικητικὸν Συμβούλιον τοῦ Συνεταιρισμοῦ ἐγκρίνει τὴν ἀπάντησιν καὶ ζητεῖ τὴν δημοσίευσιν αὐτῆς.

Κύριε Διευθυντά, Εἰς τὴν ἐφημερίδα σας ἐδημοσιεύθη ἀνταπόκρισις ἀφορῶσα τὰ ζητήματα τοῦ Συνεταιρισμοῦ μας. Ἀναγκαζόμεθα νὰ ἀπαντήσωμεν.

Ὁ κ. Θεόδης ὑπῆρξε ὁ ἀρχηγὸς τῶν ἀντιφρονούντων καὶ κατόπιν ἀνεμίχθη εἰς τὰ τοπικὰ ζητήματα τῆς κοινότητος.

Ὁ Πρόεδρος τοῦ Συνεταιρισμοῦ Γ. Μαυρογαρπαΐδης
ΤΟ ΠΟΛΥΚΡΟΤΟΝ ΜΥΘΙΣΤΟΡΗΜΑ
ΡΟΥΛΤΑΜΠΙΛ
ΤΟΥ GASTON LE ROUX
ΚΕΦΑΛΑΙΟΝ Β'

Ἐκεῖνο, σοῦ μπορεῖς νὰ ποιῇς νὰ μάθῃς τὸ μυστήριον ποὺ εἶδε ὁ Ρουλταμπὶλ στὴν πόρτα τῆς κάμαρης.

Τὸ μυστήριον; — Ἀλλ' αὐτὸ εἶναι ἀκριβῶς τὸ ζήτημα. Καμμιὰ ἄλλη ἐξήγησις δὲν εἶναι δυνατή.

Τὸ μυστήριον πρέπει νὰ ἀποκαλυφθῇ. — Ἀλλὰ πῶς; — Ἐλάτε μαζί μου νὰ σᾶς δείξω.

— Γιατί θέλετε νὰ κάμετε αὐτό; — Διότι θέλω νὰ μάθω ἂν ὁ Λαρσὰν εἶναι ἐδῶ ἢ ὄχι.

Τὸ μυστήριον πρέπει νὰ ἀποκαλυφθῇ. — Ἀλλὰ πῶς; — Ἐλάτε μαζί μου νὰ σᾶς δείξω.

— Γιατί θέλετε νὰ κάμετε αὐτό; — Διότι θέλω νὰ μάθω ἂν ὁ Λαρσὰν εἶναι ἐδῶ ἢ ὄχι.

Τὸ μυστήριον πρέπει νὰ ἀποκαλυφθῇ. — Ἀλλὰ πῶς; — Ἐλάτε μαζί μου νὰ σᾶς δείξω.

— Γιατί θέλετε νὰ κάμετε αὐτό; — Διότι θέλω νὰ μάθω ἂν ὁ Λαρσὰν εἶναι ἐδῶ ἢ ὄχι.

Τὸ μυστήριον πρέπει νὰ ἀποκαλυφθῇ. — Ἀλλὰ πῶς; — Ἐλάτε μαζί μου νὰ σᾶς δείξω.

— Γιατί θέλετε νὰ κάμετε αὐτό; — Διότι θέλω νὰ μάθω ἂν ὁ Λαρσὰν εἶναι ἐδῶ ἢ ὄχι.

Τὸ μυστήριον πρέπει νὰ ἀποκαλυφθῇ. — Ἀλλὰ πῶς; — Ἐλάτε μαζί μου νὰ σᾶς δείξω.

— Γιατί θέλετε νὰ κάμετε αὐτό; — Διότι θέλω νὰ μάθω ἂν ὁ Λαρσὰν εἶναι ἐδῶ ἢ ὄχι.

Τὸ μυστήριον πρέπει νὰ ἀποκαλυφθῇ. — Ἀλλὰ πῶς; — Ἐλάτε μαζί μου νὰ σᾶς δείξω.

— Γιατί θέλετε νὰ κάμετε αὐτό; — Διότι θέλω νὰ μάθω ἂν ὁ Λαρσὰν εἶναι ἐδῶ ἢ ὄχι.

Ὁ Ρουλταμπὶλ ἔμεινε ἀκίνητος, κατόπιν ἐσηκώθη καὶ ἐβάδισε πρὸς τὸ παράθυρον.

— Γιατί θέλετε νὰ κάμετε αὐτό; — Διότι θέλω νὰ μάθω ἂν ὁ Λαρσὰν εἶναι ἐδῶ ἢ ὄχι.

Ὁ Ρουλταμπὶλ ἔμεινε ἀκίνητος, κατόπιν ἐσηκώθη καὶ ἐβάδισε πρὸς τὸ παράθυρον.

— Γιατί θέλετε νὰ κάμετε αὐτό; — Διότι θέλω νὰ μάθω ἂν ὁ Λαρσὰν εἶναι ἐδῶ ἢ ὄχι.

Ὁ Ρουλταμπὶλ ἔμεινε ἀκίνητος, κατόπιν ἐσηκώθη καὶ ἐβάδισε πρὸς τὸ παράθυρον.

— Γιατί θέλετε νὰ κάμετε αὐτό; — Διότι θέλω νὰ μάθω ἂν ὁ Λαρσὰν εἶναι ἐδῶ ἢ ὄχι.

Ὁ Ρουλταμπὶλ ἔμεινε ἀκίνητος, κατόπιν ἐσηκώθη καὶ ἐβάδισε πρὸς τὸ παράθυρον.

— Γιατί θέλετε νὰ κάμετε αὐτό; — Διότι θέλω νὰ μάθω ἂν ὁ Λαρσὰν εἶναι ἐδῶ ἢ ὄχι.

Ὁ Ρουλταμπὶλ ἔμεινε ἀκίνητος, κατόπιν ἐσηκώθη καὶ ἐβάδισε πρὸς τὸ παράθυρον.

— Γιατί θέλετε νὰ κάμετε αὐτό; — Διότι θέλω νὰ μάθω ἂν ὁ Λαρσὰν εἶναι ἐδῶ ἢ ὄχι.

Ο ΒΟΣΠΟΡΟΣ ΤΗ ΝΥΚΤΑ

Ἡ νύχτα ἦτο σκοτεινὴ καὶ ὁ ἄνεμος ἐφυσοῦσε σφοδρὰ πάνω ἀπὸ τὰ νερά.

Ἡ νύχτα ἦτο σκοτεινὴ καὶ ὁ ἄνεμος ἐφυσοῦσε σφοδρὰ πάνω ἀπὸ τὰ νερά.

Ἡ νύχτα ἦτο σκοτεινὴ καὶ ὁ ἄνεμος ἐφυσοῦσε σφοδρὰ πάνω ἀπὸ τὰ νερά.

Ἡ νύχτα ἦτο σκοτεινὴ καὶ ὁ ἄνεμος ἐφυσοῦσε σφοδρὰ πάνω ἀπὸ τὰ νερά.

Ἡ νύχτα ἦτο σκοτεινὴ καὶ ὁ ἄνεμος ἐφυσοῦσε σφοδρὰ πάνω ἀπὸ τὰ νερά.

Ἡ νύχτα ἦτο σκοτεινὴ καὶ ὁ ἄνεμος ἐφυσοῦσε σφοδρὰ πάνω ἀπὸ τὰ νερά.

Ἡ νύχτα ἦτο σκοτεινὴ καὶ ὁ ἄνεμος ἐφυσοῦσε σφοδρὰ πάνω ἀπὸ τὰ νερά.

Ἡ νύχτα ἦτο σκοτεινὴ καὶ ὁ ἄνεμος ἐφυσοῦσε σφοδρὰ πάνω ἀπὸ τὰ νερά.

(Ἀκολουθεῖ)
Κ
Α
Ρ
Μ
Ε
Ν
ΝΤΟΛΟΡΕΣ ΝΤΕΛ ΡΙΟ
Σήμερον παρουσιάζουν
τὰ ΔΙΟΝΥΣΙΑ
τὴν
ΣΟΥΖΥ ΒΕΡΝΟΝ
εἰς τὴν
ΤΣΕΚΑ
ἡ Ρωσικὴ τραγωδία
ΝΤΟΛΟΡΕΣ ΝΤΕΛ ΡΙΟ
Κ
Α
Ρ
Μ
Ε
Ν
